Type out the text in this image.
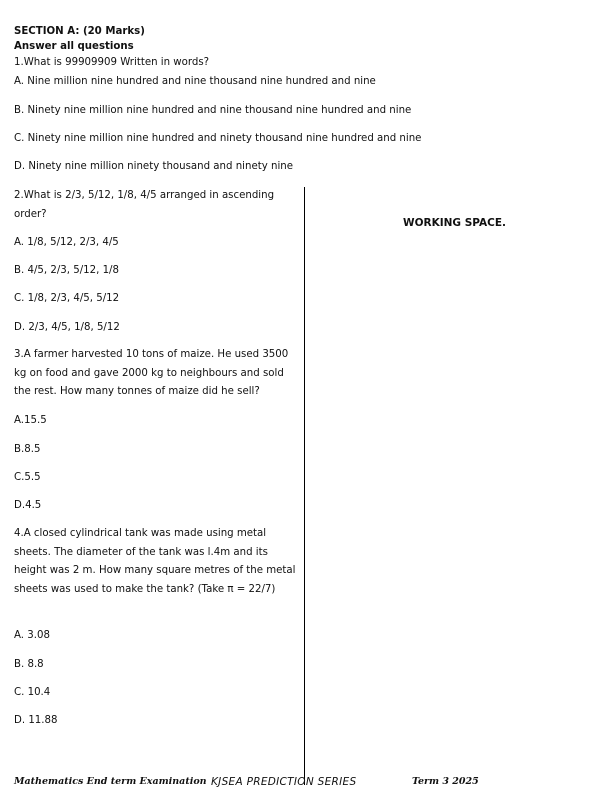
SECTION A: (20 Marks)
Answer all questions
1.What is 99909909 Written in words?
A. Nine million nine hundred and nine thousand nine hundred and nine
B. Ninety nine million nine hundred and nine thousand nine hundred and nine
C. Ninety nine million nine hundred and ninety thousand nine hundred and nine
D. Ninety nine million ninety thousand and ninety nine
WORKING SPACE.
2.What is 2/3, 5/12, 1/8, 4/5 arranged in ascending order?
A. 1/8, 5/12, 2/3, 4/5
B. 4/5, 2/3, 5/12, 1/8
C. 1/8, 2/3, 4/5, 5/12
D. 2/3, 4/5, 1/8, 5/12
3.A farmer harvested 10 tons of maize. He used 3500 kg on food and gave 2000 kg to neighbours and sold the rest. How many tonnes of maize did he sell?
A.15.5
B.8.5
C.5.5
D.4.5
4.A closed cylindrical tank was made using metal sheets. The diameter of the tank was l.4m and its height was 2 m. How many square metres of the metal sheets was used to make the tank? (Take π = 22/7)
A. 3.08
B. 8.8
C. 10.4
D. 11.88
Mathematics End term Examination KJSEA PREDICTION SERIES	Term 3 2025
